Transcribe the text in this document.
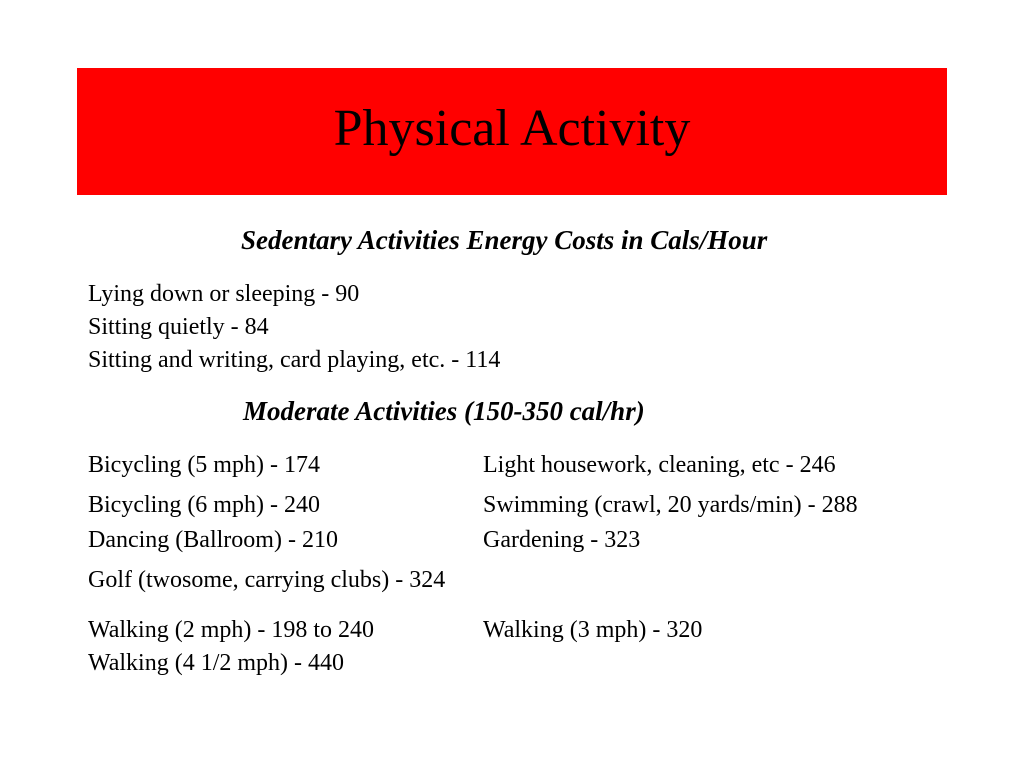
Physical Activity
Sedentary Activities Energy Costs in Cals/Hour
Lying down or sleeping - 90
Sitting quietly - 84
Sitting and writing, card playing, etc. - 114
Moderate Activities (150-350 cal/hr)
Bicycling (5 mph) - 174	Light housework, cleaning, etc - 246
Bicycling (6 mph) - 240	Swimming (crawl, 20 yards/min) - 288
Dancing (Ballroom) - 210	Gardening - 323
Golf (twosome, carrying clubs) - 324
Walking (2 mph) - 198 to 240	Walking (3 mph) - 320
Walking (4 1/2 mph) - 440
